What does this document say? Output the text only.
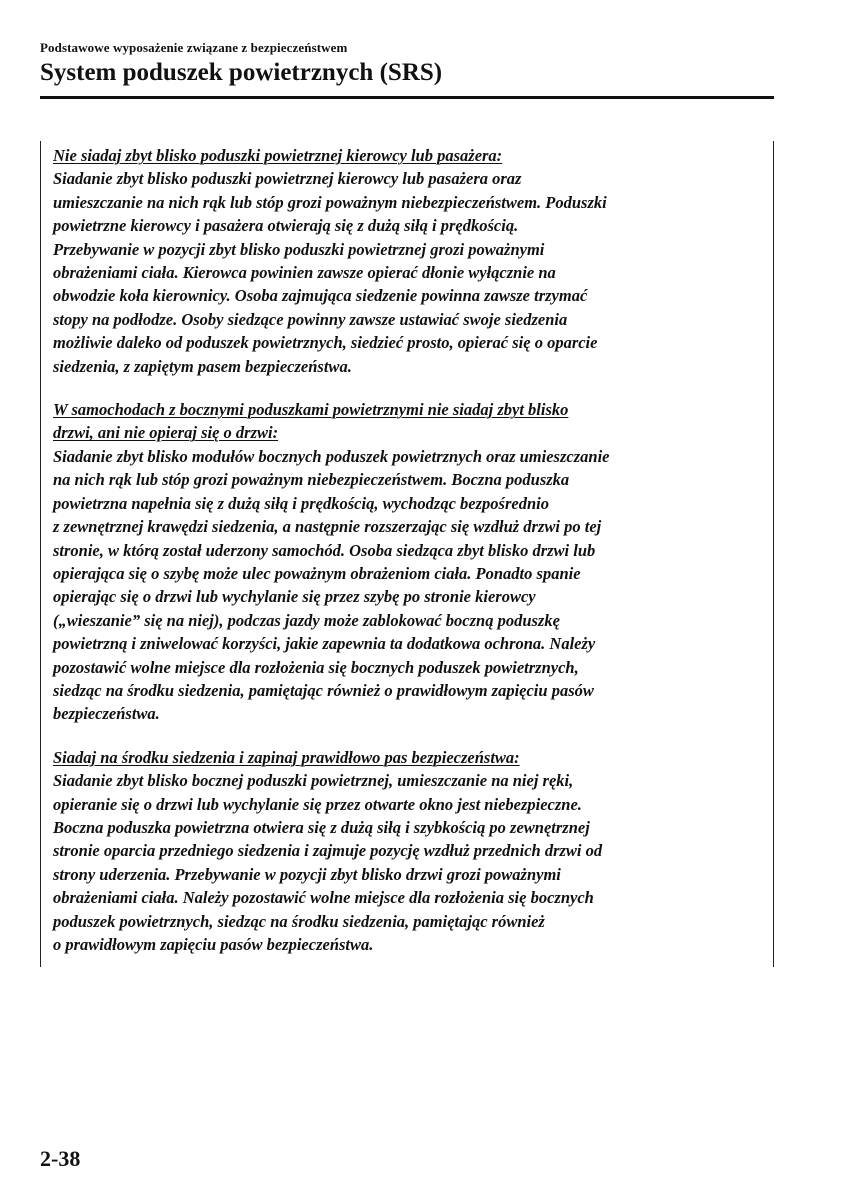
Podstawowe wyposażenie związane z bezpieczeństwem
System poduszek powietrznych (SRS)
Nie siadaj zbyt blisko poduszki powietrznej kierowcy lub pasażera:
Siadanie zbyt blisko poduszki powietrznej kierowcy lub pasażera oraz
umieszczanie na nich rąk lub stóp grozi poważnym niebezpieczeństwem. Poduszki
powietrzne kierowcy i pasażera otwierają się z dużą siłą i prędkością.
Przebywanie w pozycji zbyt blisko poduszki powietrznej grozi poważnymi
obrażeniami ciała. Kierowca powinien zawsze opierać dłonie wyłącznie na
obwodzie koła kierownicy. Osoba zajmująca siedzenie powinna zawsze trzymać
stopy na podłodze. Osoby siedzące powinny zawsze ustawiać swoje siedzenia
możliwie daleko od poduszek powietrznych, siedzieć prosto, opierać się o oparcie
siedzenia, z zapiętym pasem bezpieczeństwa.
W samochodach z bocznymi poduszkami powietrznymi nie siadaj zbyt blisko
drzwi, ani nie opieraj się o drzwi:
Siadanie zbyt blisko modułów bocznych poduszek powietrznych oraz umieszczanie
na nich rąk lub stóp grozi poważnym niebezpieczeństwem. Boczna poduszka
powietrzna napełnia się z dużą siłą i prędkością, wychodząc bezpośrednio
z zewnętrznej krawędzi siedzenia, a następnie rozszerzając się wzdłuż drzwi po tej
stronie, w którą został uderzony samochód. Osoba siedząca zbyt blisko drzwi lub
opierająca się o szybę może ulec poważnym obrażeniom ciała. Ponadto spanie
opierając się o drzwi lub wychylanie się przez szybę po stronie kierowcy
(„wieszanie” się na niej), podczas jazdy może zablokować boczną poduszkę
powietrzną i zniwelować korzyści, jakie zapewnia ta dodatkowa ochrona. Należy
pozostawić wolne miejsce dla rozłożenia się bocznych poduszek powietrznych,
siedząc na środku siedzenia, pamiętając również o prawidłowym zapięciu pasów
bezpieczeństwa.
Siadaj na środku siedzenia i zapinaj prawidłowo pas bezpieczeństwa:
Siadanie zbyt blisko bocznej poduszki powietrznej, umieszczanie na niej ręki,
opieranie się o drzwi lub wychylanie się przez otwarte okno jest niebezpieczne.
Boczna poduszka powietrzna otwiera się z dużą siłą i szybkością po zewnętrznej
stronie oparcia przedniego siedzenia i zajmuje pozycję wzdłuż przednich drzwi od
strony uderzenia. Przebywanie w pozycji zbyt blisko drzwi grozi poważnymi
obrażeniami ciała. Należy pozostawić wolne miejsce dla rozłożenia się bocznych
poduszek powietrznych, siedząc na środku siedzenia, pamiętając również
o prawidłowym zapięciu pasów bezpieczeństwa.
2-38
